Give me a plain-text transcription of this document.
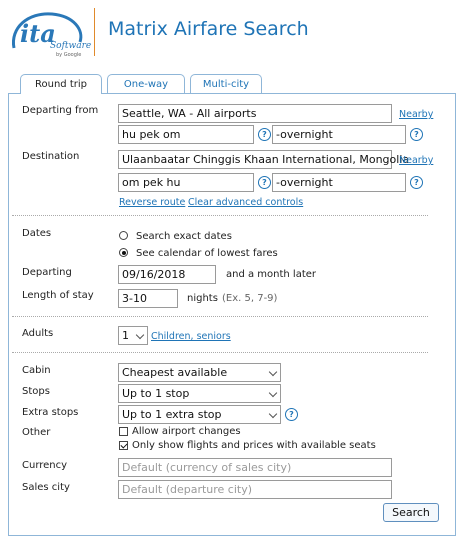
ita
Software
by Google
Matrix Airfare Search
Round trip	One-way	Multi-city
Departing from	Seattle, WA - All airports	Nearby
hu pek om	? -overnight	?
Destination	Ulaanbaatar Chinggis Khaan International, Mongolia
Nearby
om pek hu	? -overnight	?
Reverse route Clear advanced controls
Dates	Search exact dates
See calendar of lowest fares
Departing	09/16/2018	and a month later
Length of stay	3-10	nights (Ex. 5, 7-9)
Adults	1	Children, seniors
Cabin	Cheapest available
Stops	Up to 1 stop
Extra stops	Up to 1 extra stop	?
Other	Allow airport changes
Only show flights and prices with available seats
Currency	Default (currency of sales city)
Sales city	Default (departure city)
Search
